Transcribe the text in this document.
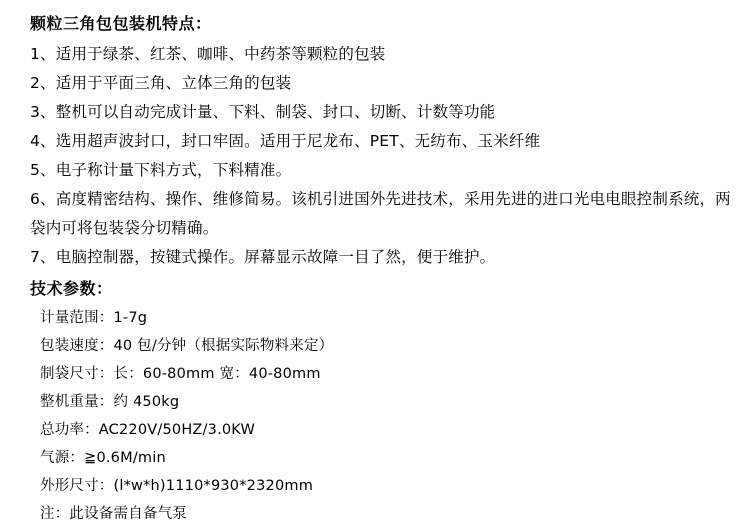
颗粒三角包包装机特点：
1、适用于绿茶、红茶、咖啡、中药茶等颗粒的包装
2、适用于平面三角、立体三角的包装
3、整机可以自动完成计量、下料、制袋、封口、切断、计数等功能
4、选用超声波封口，封口牢固。适用于尼龙布、PET、无纺布、玉米纤维
5、电子称计量下料方式，下料精准。
6、高度精密结构、操作、维修简易。该机引进国外先进技术，采用先进的进口光电电眼控制系统，两袋内可将包装袋分切精确。
7、电脑控制器，按键式操作。屏幕显示故障一目了然，便于维护。
技术参数：
计量范围：1-7g
包装速度：40 包/分钟（根据实际物料来定）
制袋尺寸：长：60-80mm 宽：40-80mm
整机重量：约 450kg
总功率：AC220V/50HZ/3.0KW
气源：≧0.6M/min
外形尺寸：(l*w*h)1110*930*2320mm
注：此设备需自备气泵
